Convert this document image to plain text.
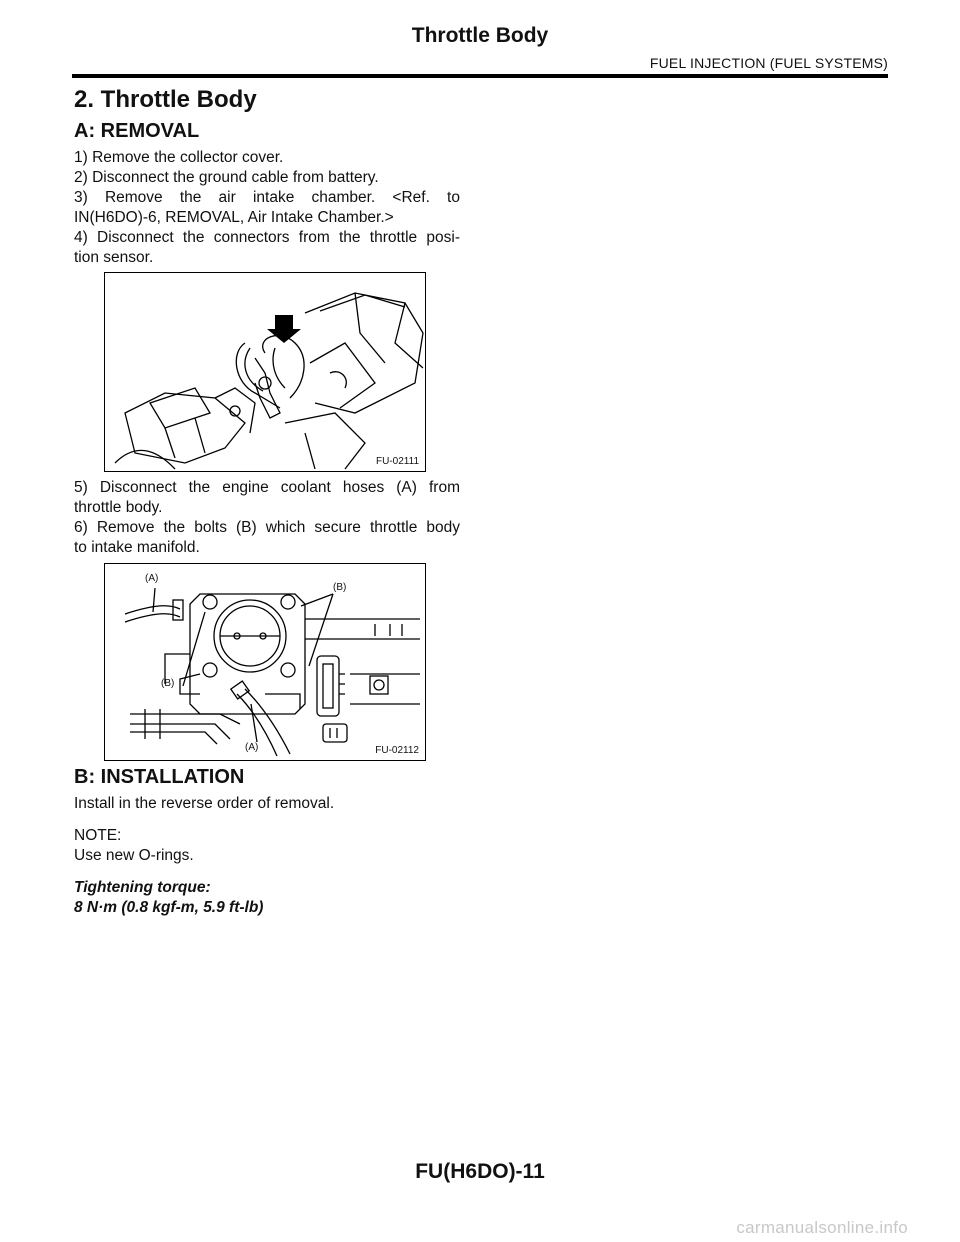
Throttle Body
FUEL INJECTION (FUEL SYSTEMS)
2. Throttle Body
A: REMOVAL

1) Remove the collector cover.

2) Disconnect the ground cable from battery.

3) Remove the air intake chamber. <Ref. to

IN(H6DO)-6, REMOVAL, Air Intake Chamber.>

4) Disconnect the connectors from the throttle posi-

tion sensor.

FU-02111

5) Disconnect the engine coolant hoses (A) from

throttle body.

6) Remove the bolts (B) which secure throttle body

to intake manifold.

(A)
(B)
(B)
(A)	FU-02112
B: INSTALLATION

Install in the reverse order of removal.

NOTE:

Use new O-rings.

Tightening torque:

8 N·m (0.8 kgf-m, 5.9 ft-lb)

FU(H6DO)-11
carmanualsonline.info
